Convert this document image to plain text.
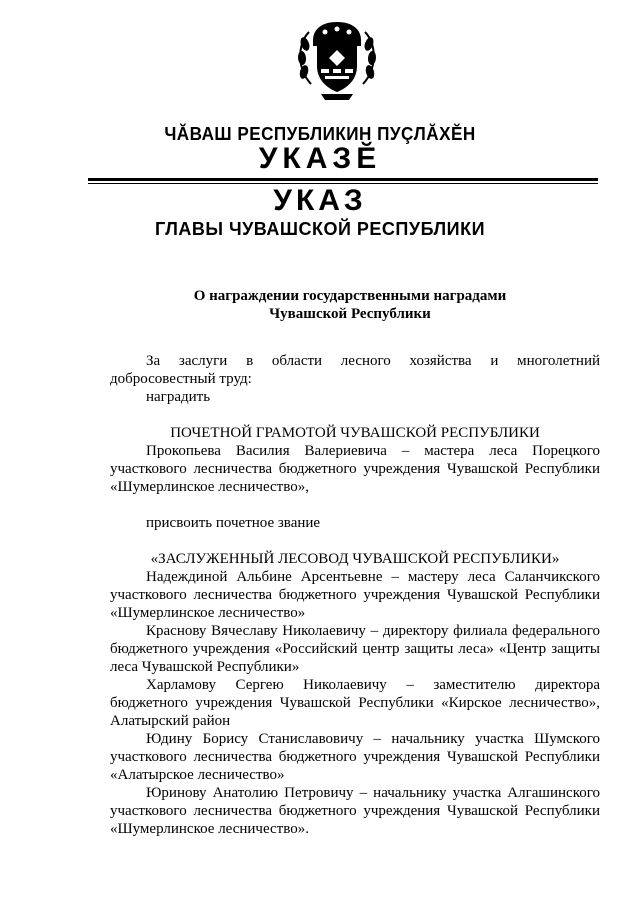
ЧĂВАШ РЕСПУБЛИКИН ПУÇЛĂХĔН
УКАЗĔ
УКАЗ
ГЛАВЫ ЧУВАШСКОЙ РЕСПУБЛИКИ
О награждении государственными наградами
Чувашской Республики

За заслуги в области лесного хозяйства и многолетний добросовестный труд:

наградить
ПОЧЕТНОЙ ГРАМОТОЙ ЧУВАШСКОЙ РЕСПУБЛИКИ

Прокопьева Василия Валериевича – мастера леса Порецкого участкового лесничества бюджетного учреждения Чувашской Республики «Шумерлинское лесничество»,

присвоить почетное звание
«ЗАСЛУЖЕННЫЙ ЛЕСОВОД ЧУВАШСКОЙ РЕСПУБЛИКИ»

Надеждиной Альбине Арсентьевне – мастеру леса Саланчикского участкового лесничества бюджетного учреждения Чувашской Республики «Шумерлинское лесничество»

Краснову Вячеславу Николаевичу – директору филиала федерального бюджетного учреждения «Российский центр защиты леса» «Центр защиты леса Чувашской Республики»

Харламову Сергею Николаевичу – заместителю директора бюджетного учреждения Чувашской Республики «Кирское лесничество», Алатырский район

Юдину Борису Станиславовичу – начальнику участка Шумского участкового лесничества бюджетного учреждения Чувашской Республики «Алатырское лесничество»

Юринову Анатолию Петровичу – начальнику участка Алгашинского участкового лесничества бюджетного учреждения Чувашской Республики «Шумерлинское лесничество».
